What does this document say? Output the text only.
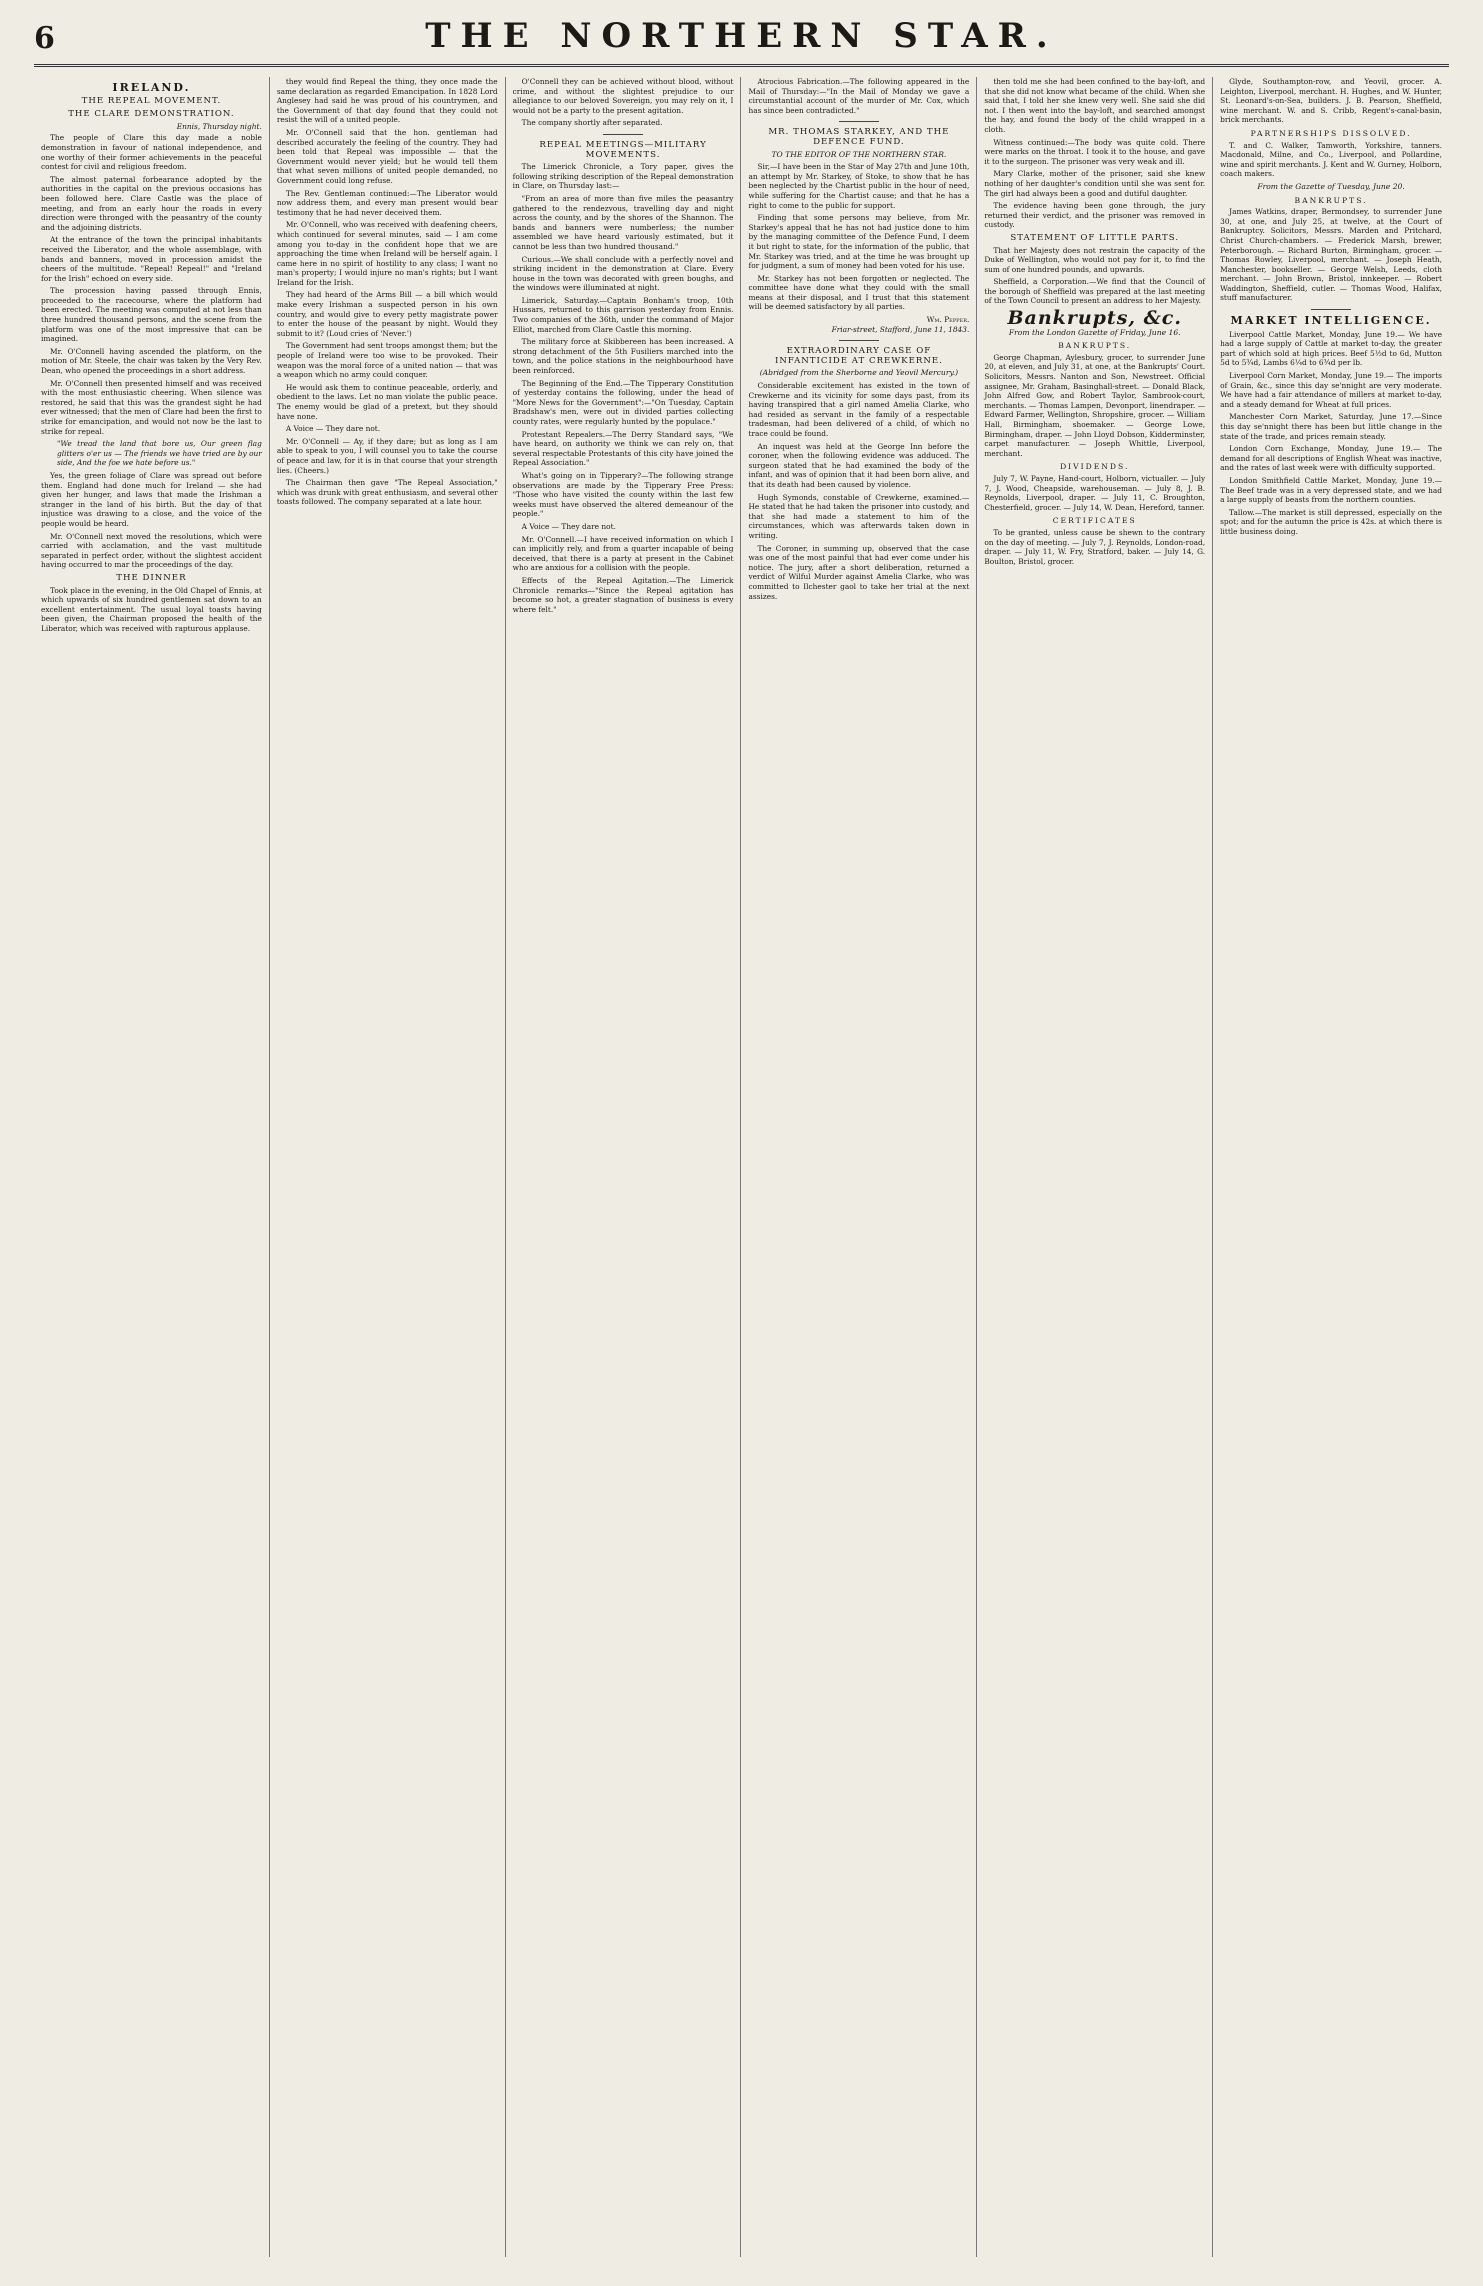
6	THE NORTHERN STAR.
IRELAND.
THE REPEAL MOVEMENT.
THE CLARE DEMONSTRATION.
Ennis, Thursday night.

The people of Clare this day made a noble demonstration in favour of national independence, and one worthy of their former achievements in the peaceful contest for civil and religious freedom.

The almost paternal forbearance adopted by the authorities in the capital on the previous occasions has been followed here. Clare Castle was the place of meeting, and from an early hour the roads in every direction were thronged with the peasantry of the county and the adjoining districts.

At the entrance of the town the principal inhabitants received the Liberator, and the whole assemblage, with bands and banners, moved in procession amidst the cheers of the multitude. "Repeal! Repeal!" and "Ireland for the Irish" echoed on every side.

The procession having passed through Ennis, proceeded to the racecourse, where the platform had been erected. The meeting was computed at not less than three hundred thousand persons, and the scene from the platform was one of the most impressive that can be imagined.

Mr. O'Connell having ascended the platform, on the motion of Mr. Steele, the chair was taken by the Very Rev. Dean, who opened the proceedings in a short address.

Mr. O'Connell then presented himself and was received with the most enthusiastic cheering. When silence was restored, he said that this was the grandest sight he had ever witnessed; that the men of Clare had been the first to strike for emancipation, and would not now be the last to strike for repeal.

"We tread the land that bore us, Our green flag glitters o'er us — The friends we have tried are by our side, And the foe we hate before us."

Yes, the green foliage of Clare was spread out before them. England had done much for Ireland — she had given her hunger, and laws that made the Irishman a stranger in the land of his birth. But the day of that injustice was drawing to a close, and the voice of the people would be heard.

Mr. O'Connell next moved the resolutions, which were carried with acclamation, and the vast multitude separated in perfect order, without the slightest accident having occurred to mar the proceedings of the day.

THE DINNER

Took place in the evening, in the Old Chapel of Ennis, at which upwards of six hundred gentlemen sat down to an excellent entertainment. The usual loyal toasts having been given, the Chairman proposed the health of the Liberator, which was received with rapturous applause.

they would find Repeal the thing, they once made the same declaration as regarded Emancipation. In 1828 Lord Anglesey had said he was proud of his countrymen, and the Government of that day found that they could not resist the will of a united people.

Mr. O'Connell said that the hon. gentleman had described accurately the feeling of the country. They had been told that Repeal was impossible — that the Government would never yield; but he would tell them that what seven millions of united people demanded, no Government could long refuse.

The Rev. Gentleman continued:—The Liberator would now address them, and every man present would bear testimony that he had never deceived them.

Mr. O'Connell, who was received with deafening cheers, which continued for several minutes, said — I am come among you to-day in the confident hope that we are approaching the time when Ireland will be herself again. I came here in no spirit of hostility to any class; I want no man's property; I would injure no man's rights; but I want Ireland for the Irish.

They had heard of the Arms Bill — a bill which would make every Irishman a suspected person in his own country, and would give to every petty magistrate power to enter the house of the peasant by night. Would they submit to it? (Loud cries of 'Never.')

The Government had sent troops amongst them; but the people of Ireland were too wise to be provoked. Their weapon was the moral force of a united nation — that was a weapon which no army could conquer.

He would ask them to continue peaceable, orderly, and obedient to the laws. Let no man violate the public peace. The enemy would be glad of a pretext, but they should have none.

A Voice — They dare not.

Mr. O'Connell — Ay, if they dare; but as long as I am able to speak to you, I will counsel you to take the course of peace and law, for it is in that course that your strength lies. (Cheers.)

The Chairman then gave "The Repeal Association," which was drunk with great enthusiasm, and several other toasts followed. The company separated at a late hour.

O'Connell they can be achieved without blood, without crime, and without the slightest prejudice to our allegiance to our beloved Sovereign, you may rely on it, I would not be a party to the present agitation.

The company shortly after separated.

REPEAL MEETINGS—MILITARY MOVEMENTS.

The Limerick Chronicle, a Tory paper, gives the following striking description of the Repeal demonstration in Clare, on Thursday last:—

"From an area of more than five miles the peasantry gathered to the rendezvous, travelling day and night across the county, and by the shores of the Shannon. The bands and banners were numberless; the number assembled we have heard variously estimated, but it cannot be less than two hundred thousand."

Curious.—We shall conclude with a perfectly novel and striking incident in the demonstration at Clare. Every house in the town was decorated with green boughs, and the windows were illuminated at night.

Limerick, Saturday.—Captain Bonham's troop, 10th Hussars, returned to this garrison yesterday from Ennis. Two companies of the 36th, under the command of Major Elliot, marched from Clare Castle this morning.

The military force at Skibbereen has been increased. A strong detachment of the 5th Fusiliers marched into the town, and the police stations in the neighbourhood have been reinforced.

The Beginning of the End.—The Tipperary Constitution of yesterday contains the following, under the head of "More News for the Government":—"On Tuesday, Captain Bradshaw's men, were out in divided parties collecting county rates, were regularly hunted by the populace."

Protestant Repealers.—The Derry Standard says, "We have heard, on authority we think we can rely on, that several respectable Protestants of this city have joined the Repeal Association."

What's going on in Tipperary?—The following strange observations are made by the Tipperary Free Press: "Those who have visited the county within the last few weeks must have observed the altered demeanour of the people."

A Voice — They dare not.

Mr. O'Connell.—I have received information on which I can implicitly rely, and from a quarter incapable of being deceived, that there is a party at present in the Cabinet who are anxious for a collision with the people.

Effects of the Repeal Agitation.—The Limerick Chronicle remarks—"Since the Repeal agitation has become so hot, a greater stagnation of business is every where felt."

Atrocious Fabrication.—The following appeared in the Mail of Thursday:—"In the Mail of Monday we gave a circumstantial account of the murder of Mr. Cox, which has since been contradicted."

MR. THOMAS STARKEY, AND THE DEFENCE FUND.
TO THE EDITOR OF THE NORTHERN STAR.

Sir,—I have been in the Star of May 27th and June 10th, an attempt by Mr. Starkey, of Stoke, to show that he has been neglected by the Chartist public in the hour of need, while suffering for the Chartist cause; and that he has a right to come to the public for support.

Finding that some persons may believe, from Mr. Starkey's appeal that he has not had justice done to him by the managing committee of the Defence Fund, I deem it but right to state, for the information of the public, that Mr. Starkey was tried, and at the time he was brought up for judgment, a sum of money had been voted for his use.

Mr. Starkey has not been forgotten or neglected. The committee have done what they could with the small means at their disposal, and I trust that this statement will be deemed satisfactory by all parties.

Wm. Pepper.
Friar-street, Stafford, June 11, 1843.
EXTRAORDINARY CASE OF INFANTICIDE AT CREWKERNE.
(Abridged from the Sherborne and Yeovil Mercury.)

Considerable excitement has existed in the town of Crewkerne and its vicinity for some days past, from its having transpired that a girl named Amelia Clarke, who had resided as servant in the family of a respectable tradesman, had been delivered of a child, of which no trace could be found.

An inquest was held at the George Inn before the coroner, when the following evidence was adduced. The surgeon stated that he had examined the body of the infant, and was of opinion that it had been born alive, and that its death had been caused by violence.

Hugh Symonds, constable of Crewkerne, examined.—He stated that he had taken the prisoner into custody, and that she had made a statement to him of the circumstances, which was afterwards taken down in writing.

The Coroner, in summing up, observed that the case was one of the most painful that had ever come under his notice. The jury, after a short deliberation, returned a verdict of Wilful Murder against Amelia Clarke, who was committed to Ilchester gaol to take her trial at the next assizes.

then told me she had been confined to the bay-loft, and that she did not know what became of the child. When she said that, I told her she knew very well. She said she did not. I then went into the bay-loft, and searched amongst the hay, and found the body of the child wrapped in a cloth.

Witness continued:—The body was quite cold. There were marks on the throat. I took it to the house, and gave it to the surgeon. The prisoner was very weak and ill.

Mary Clarke, mother of the prisoner, said she knew nothing of her daughter's condition until she was sent for. The girl had always been a good and dutiful daughter.

The evidence having been gone through, the jury returned their verdict, and the prisoner was removed in custody.

STATEMENT OF LITTLE PARTS.

That her Majesty does not restrain the capacity of the Duke of Wellington, who would not pay for it, to find the sum of one hundred pounds, and upwards.

Sheffield, a Corporation.—We find that the Council of the borough of Sheffield was prepared at the last meeting of the Town Council to present an address to her Majesty.

Bankrupts, &c.
From the London Gazette of Friday, June 16.
BANKRUPTS.

George Chapman, Aylesbury, grocer, to surrender June 20, at eleven, and July 31, at one, at the Bankrupts' Court. Solicitors, Messrs. Nanton and Son, Newstreet. Official assignee, Mr. Graham, Basinghall-street. — Donald Black, John Alfred Gow, and Robert Taylor, Sambrook-court, merchants. — Thomas Lampen, Devonport, linendraper. — Edward Farmer, Wellington, Shropshire, grocer. — William Hall, Birmingham, shoemaker. — George Lowe, Birmingham, draper. — John Lloyd Dobson, Kidderminster, carpet manufacturer. — Joseph Whittle, Liverpool, merchant.

DIVIDENDS.

July 7, W. Payne, Hand-court, Holborn, victualler. — July 7, J. Wood, Cheapside, warehouseman. — July 8, J. B. Reynolds, Liverpool, draper. — July 11, C. Broughton, Chesterfield, grocer. — July 14, W. Dean, Hereford, tanner.

CERTIFICATES

To be granted, unless cause be shewn to the contrary on the day of meeting. — July 7, J. Reynolds, London-road, draper. — July 11, W. Fry, Stratford, baker. — July 14, G. Boulton, Bristol, grocer.

Glyde, Southampton-row, and Yeovil, grocer. A. Leighton, Liverpool, merchant. H. Hughes, and W. Hunter, St. Leonard's-on-Sea, builders. J. B. Pearson, Sheffield, wine merchant. W. and S. Cribb, Regent's-canal-basin, brick merchants.

PARTNERSHIPS DISSOLVED.

T. and C. Walker, Tamworth, Yorkshire, tanners. Macdonald, Milne, and Co., Liverpool, and Pollardine, wine and spirit merchants. J. Kent and W. Gurney, Holborn, coach makers.

From the Gazette of Tuesday, June 20.
BANKRUPTS.

James Watkins, draper, Bermondsey, to surrender June 30, at one, and July 25, at twelve, at the Court of Bankruptcy. Solicitors, Messrs. Marden and Pritchard, Christ Church-chambers. — Frederick Marsh, brewer, Peterborough. — Richard Burton, Birmingham, grocer. — Thomas Rowley, Liverpool, merchant. — Joseph Heath, Manchester, bookseller. — George Welsh, Leeds, cloth merchant. — John Brown, Bristol, innkeeper. — Robert Waddington, Sheffield, cutler. — Thomas Wood, Halifax, stuff manufacturer.

MARKET INTELLIGENCE.

Liverpool Cattle Market, Monday, June 19.— We have had a large supply of Cattle at market to-day, the greater part of which sold at high prices. Beef 5½d to 6d, Mutton 5d to 5¾d, Lambs 6¼d to 6¾d per lb.

Liverpool Corn Market, Monday, June 19.— The imports of Grain, &c., since this day se'nnight are very moderate. We have had a fair attendance of millers at market to-day, and a steady demand for Wheat at full prices.

Manchester Corn Market, Saturday, June 17.—Since this day se'nnight there has been but little change in the state of the trade, and prices remain steady.

London Corn Exchange, Monday, June 19.— The demand for all descriptions of English Wheat was inactive, and the rates of last week were with difficulty supported.

London Smithfield Cattle Market, Monday, June 19.—The Beef trade was in a very depressed state, and we had a large supply of beasts from the northern counties.

Tallow.—The market is still depressed, especially on the spot; and for the autumn the price is 42s. at which there is little business doing.
